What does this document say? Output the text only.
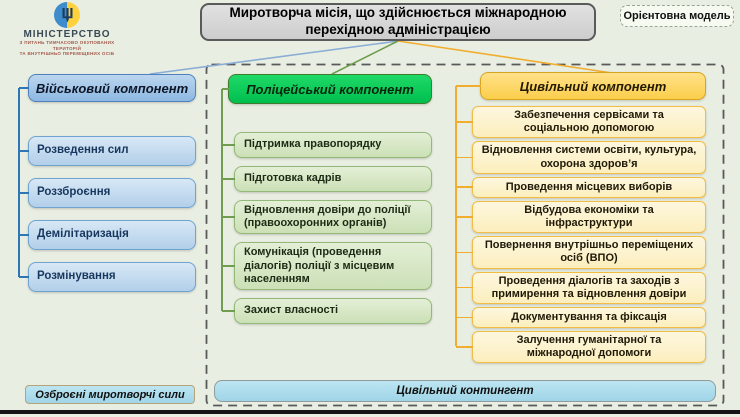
МІНІСТЕРСТВО
З ПИТАНЬ ТИМЧАСОВО ОКУПОВАНИХ ТЕРИТОРІЙ
ТА ВНУТРІШНЬО ПЕРЕМІЩЕНИХ ОСІБ
Миротворча місія, що здійснюється міжнародною перехідною адміністрацією
Орієнтовна модель
Військовий компонент
Розведення сил
Роззброєння
Демілітаризація
Розмінування
Поліцейський компонент
Підтримка правопорядку
Підготовка кадрів
Відновлення довіри до поліції (правоохоронних органів)
Комунікація (проведення діалогів) поліції з місцевим населенням
Захист власності
Цивільний компонент
Забезпечення сервісами та соціальною допомогою
Відновлення системи освіти, культура, охорона здоров’я
Проведення місцевих виборів
Відбудова економіки та інфраструктури
Повернення внутрішньо переміщених осіб (ВПО)
Проведення діалогів та заходів з примирення та відновлення довіри
Документування та фіксація
Залучення гуманітарної та міжнародної допомоги
Озброєні миротворчі сили	Цивільний контингент
